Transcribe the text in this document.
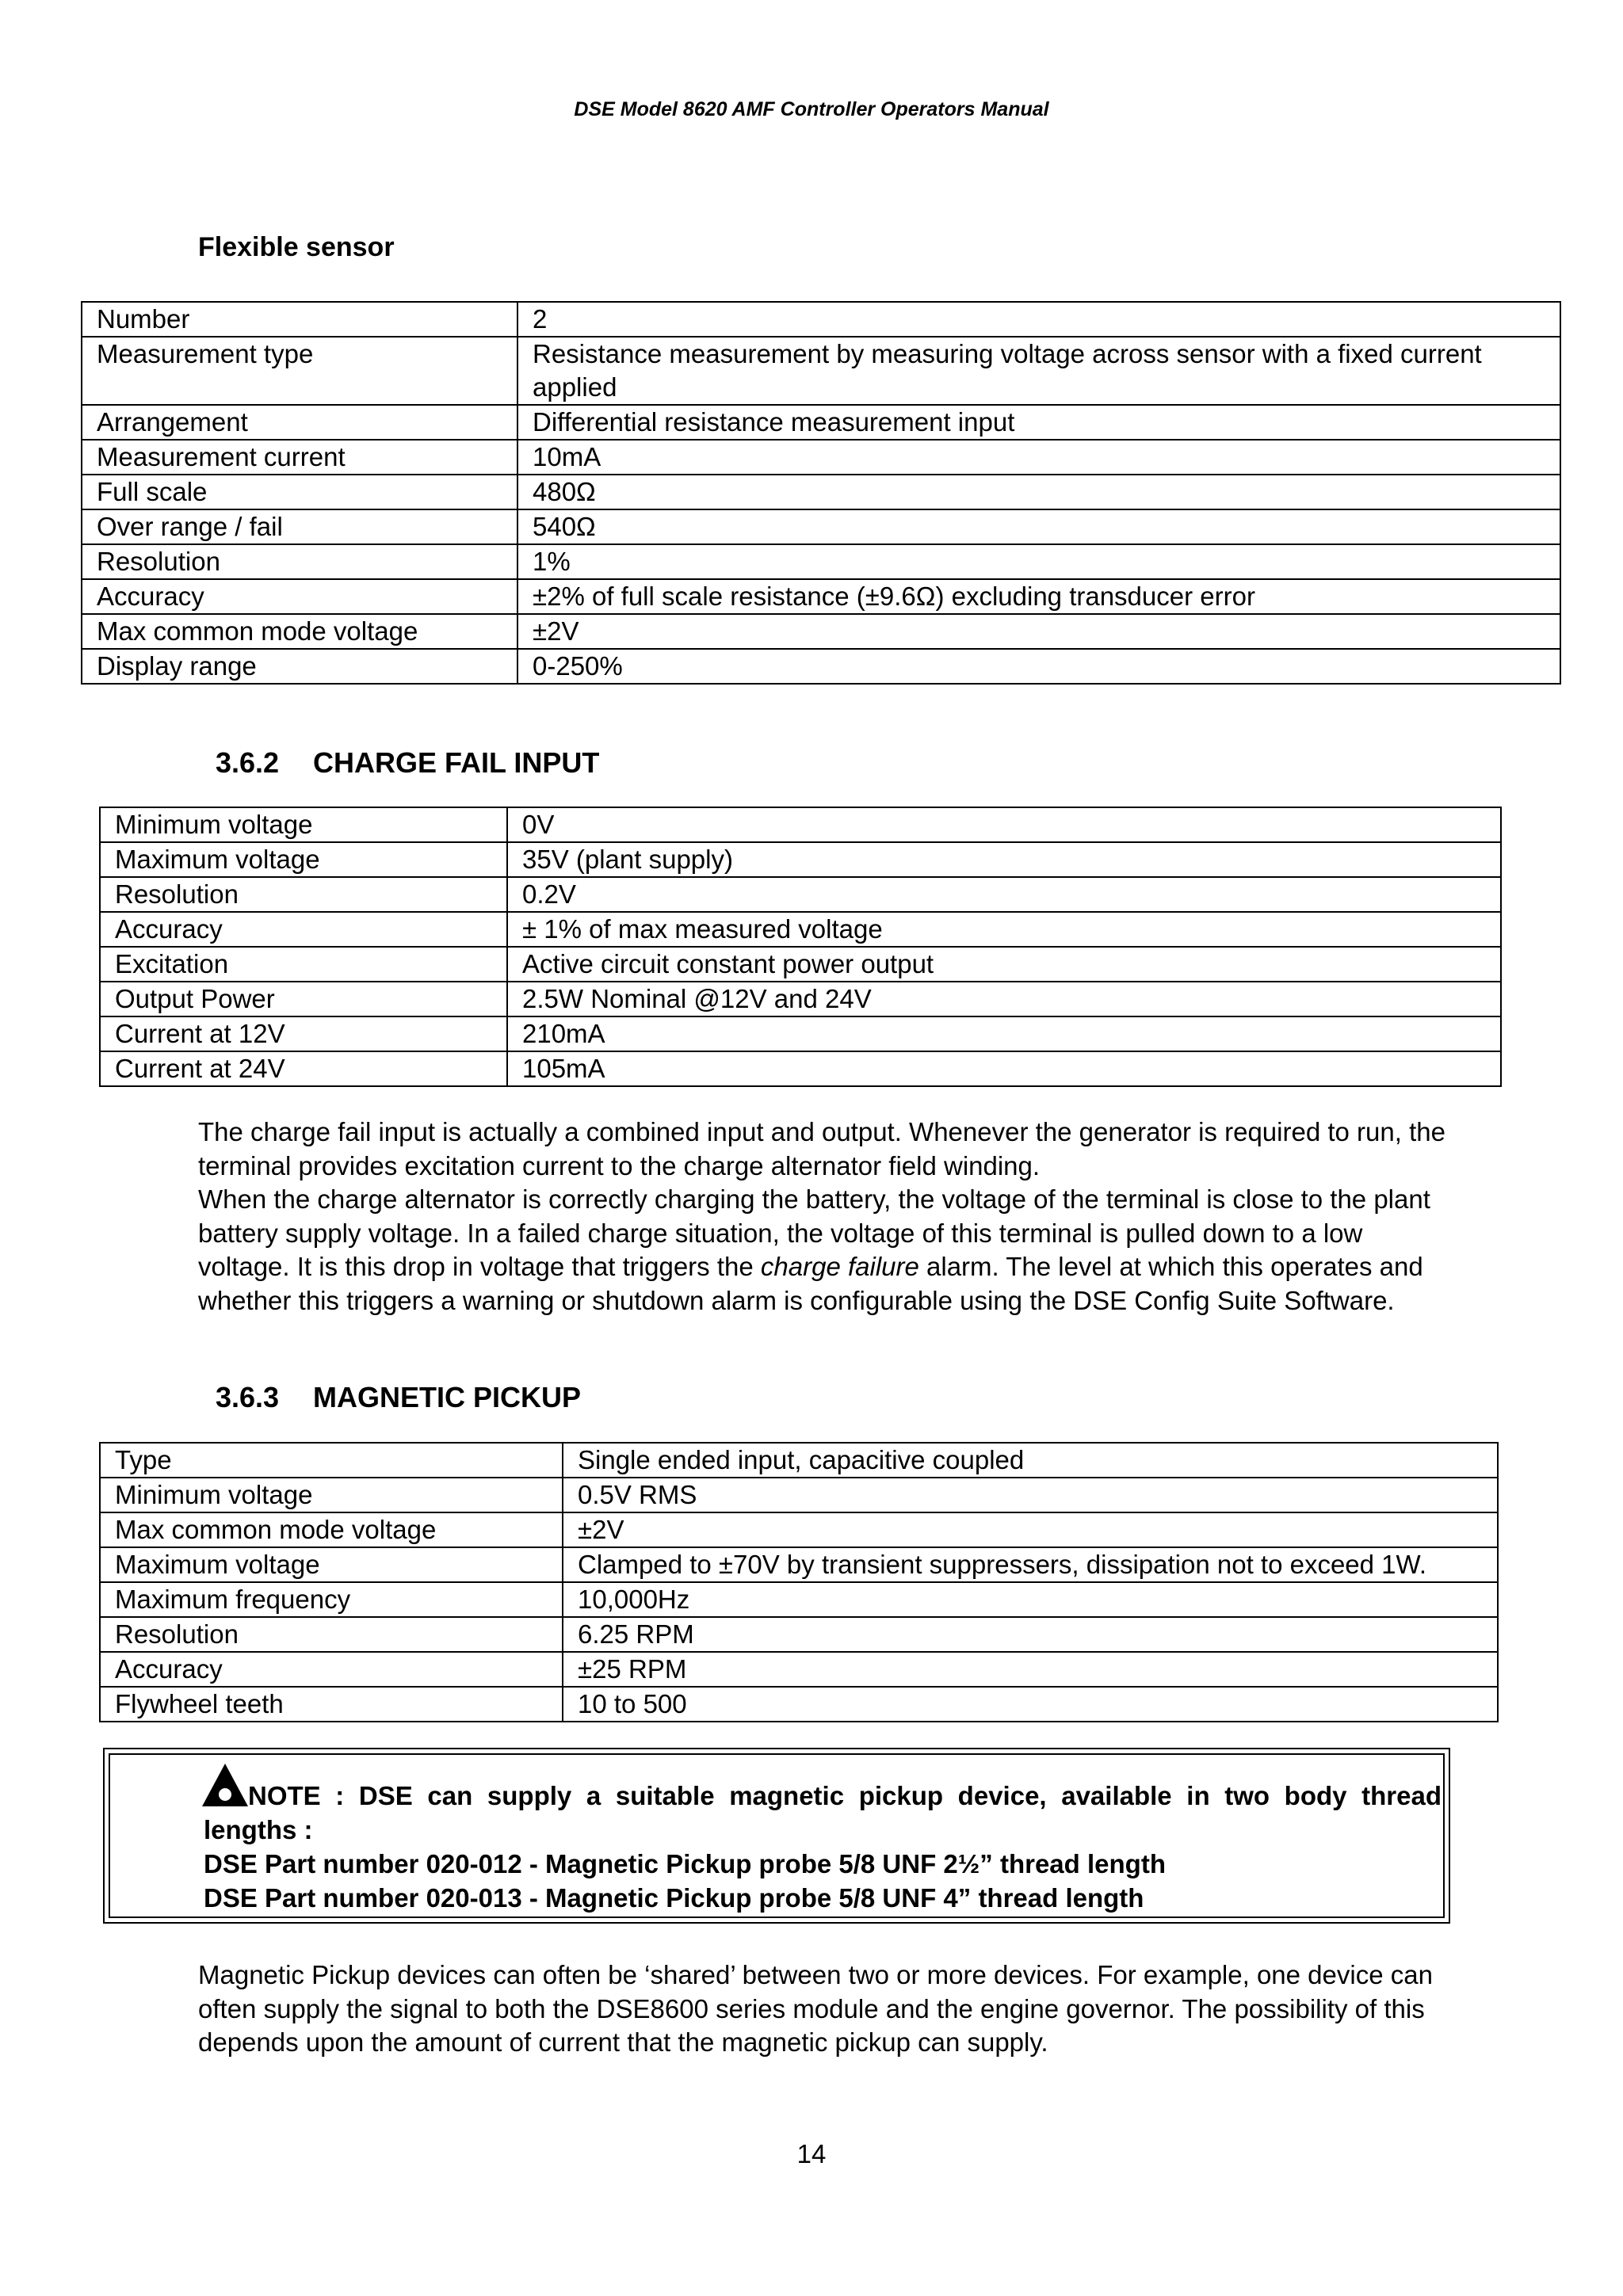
DSE Model 8620 AMF Controller Operators Manual
Flexible sensor
Number	2
Measurement type	Resistance measurement by measuring voltage across sensor with a fixed current applied
Arrangement	Differential resistance measurement input
Measurement current	10mA
Full scale	480Ω
Over range / fail	540Ω
Resolution	1%
Accuracy	±2% of full scale resistance (±9.6Ω) excluding transducer error
Max common mode voltage	±2V
Display range	0-250%
3.6.2 CHARGE FAIL INPUT
Minimum voltage	0V
Maximum voltage	35V (plant supply)
Resolution	0.2V
Accuracy	± 1% of max measured voltage
Excitation	Active circuit constant power output
Output Power	2.5W Nominal @12V and 24V
Current at 12V	210mA
Current at 24V	105mA
The charge fail input is actually a combined input and output. Whenever the generator is required to run, the terminal provides excitation current to the charge alternator field winding.
When the charge alternator is correctly charging the battery, the voltage of the terminal is close to the plant battery supply voltage. In a failed charge situation, the voltage of this terminal is pulled down to a low voltage. It is this drop in voltage that triggers the charge failure alarm. The level at which this operates and whether this triggers a warning or shutdown alarm is configurable using the DSE Config Suite Software.
3.6.3 MAGNETIC PICKUP
Type	Single ended input, capacitive coupled
Minimum voltage	0.5V RMS
Max common mode voltage	±2V
Maximum voltage	Clamped to ±70V by transient suppressers, dissipation not to exceed 1W.
Maximum frequency	10,000Hz
Resolution	6.25 RPM
Accuracy	±25 RPM
Flywheel teeth	10 to 500
NOTE : DSE can supply a suitable magnetic pickup device, available in two body thread
lengths :
DSE Part number 020-012 - Magnetic Pickup probe 5/8 UNF 2½” thread length
DSE Part number 020-013 - Magnetic Pickup probe 5/8 UNF 4” thread length
Magnetic Pickup devices can often be ‘shared’ between two or more devices. For example, one device can often supply the signal to both the DSE8600 series module and the engine governor. The possibility of this depends upon the amount of current that the magnetic pickup can supply.
14
